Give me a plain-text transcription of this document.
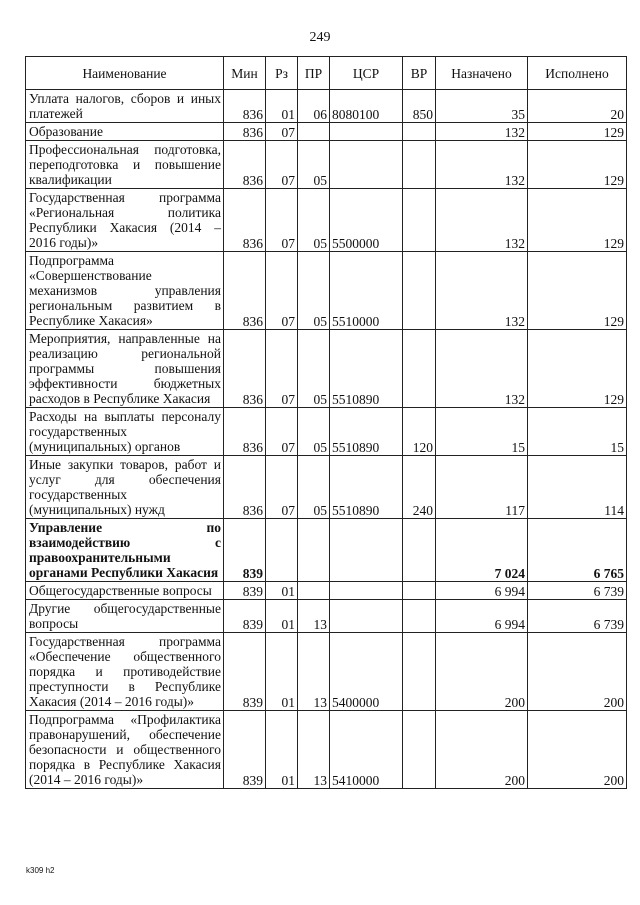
249
Наименование	Мин	Рз	ПР	ЦСР	ВР	Назначено	Исполнено
Уплата налогов, сборов и иных платежей	836	01	06	8080100	850	35	20
Образование	836	07				132	129
Профессиональная подготовка, переподготовка и повышение квалификации	836	07	05			132	129
Государственная программа «Региональная политика Республики Хакасия (2014 – 2016 годы)»	836	07	05	5500000		132	129
Подпрограмма «Совершенствование механизмов управления региональным развитием в Республике Хакасия»	836	07	05	5510000		132	129
Мероприятия, направленные на реализацию региональной программы повышения эффективности бюджетных расходов в Республике Хакасия	836	07	05	5510890		132	129
Расходы на выплаты персоналу государственных (муниципальных) органов	836	07	05	5510890	120	15	15
Иные закупки товаров, работ и услуг для обеспечения государственных (муниципальных) нужд	836	07	05	5510890	240	117	114
Управление по взаимодействию с правоохранительными органами Республики Хакасия	839					7 024	6 765
Общегосударственные вопросы	839	01				6 994	6 739
Другие общегосударственные вопросы	839	01	13			6 994	6 739
Государственная программа «Обеспечение общественного порядка и противодействие преступности в Республике Хакасия (2014 – 2016 годы)»	839	01	13	5400000		200	200
Подпрограмма «Профилактика правонарушений, обеспечение безопасности и общественного порядка в Республике Хакасия (2014 – 2016 годы)»	839	01	13	5410000		200	200
k309 h2
